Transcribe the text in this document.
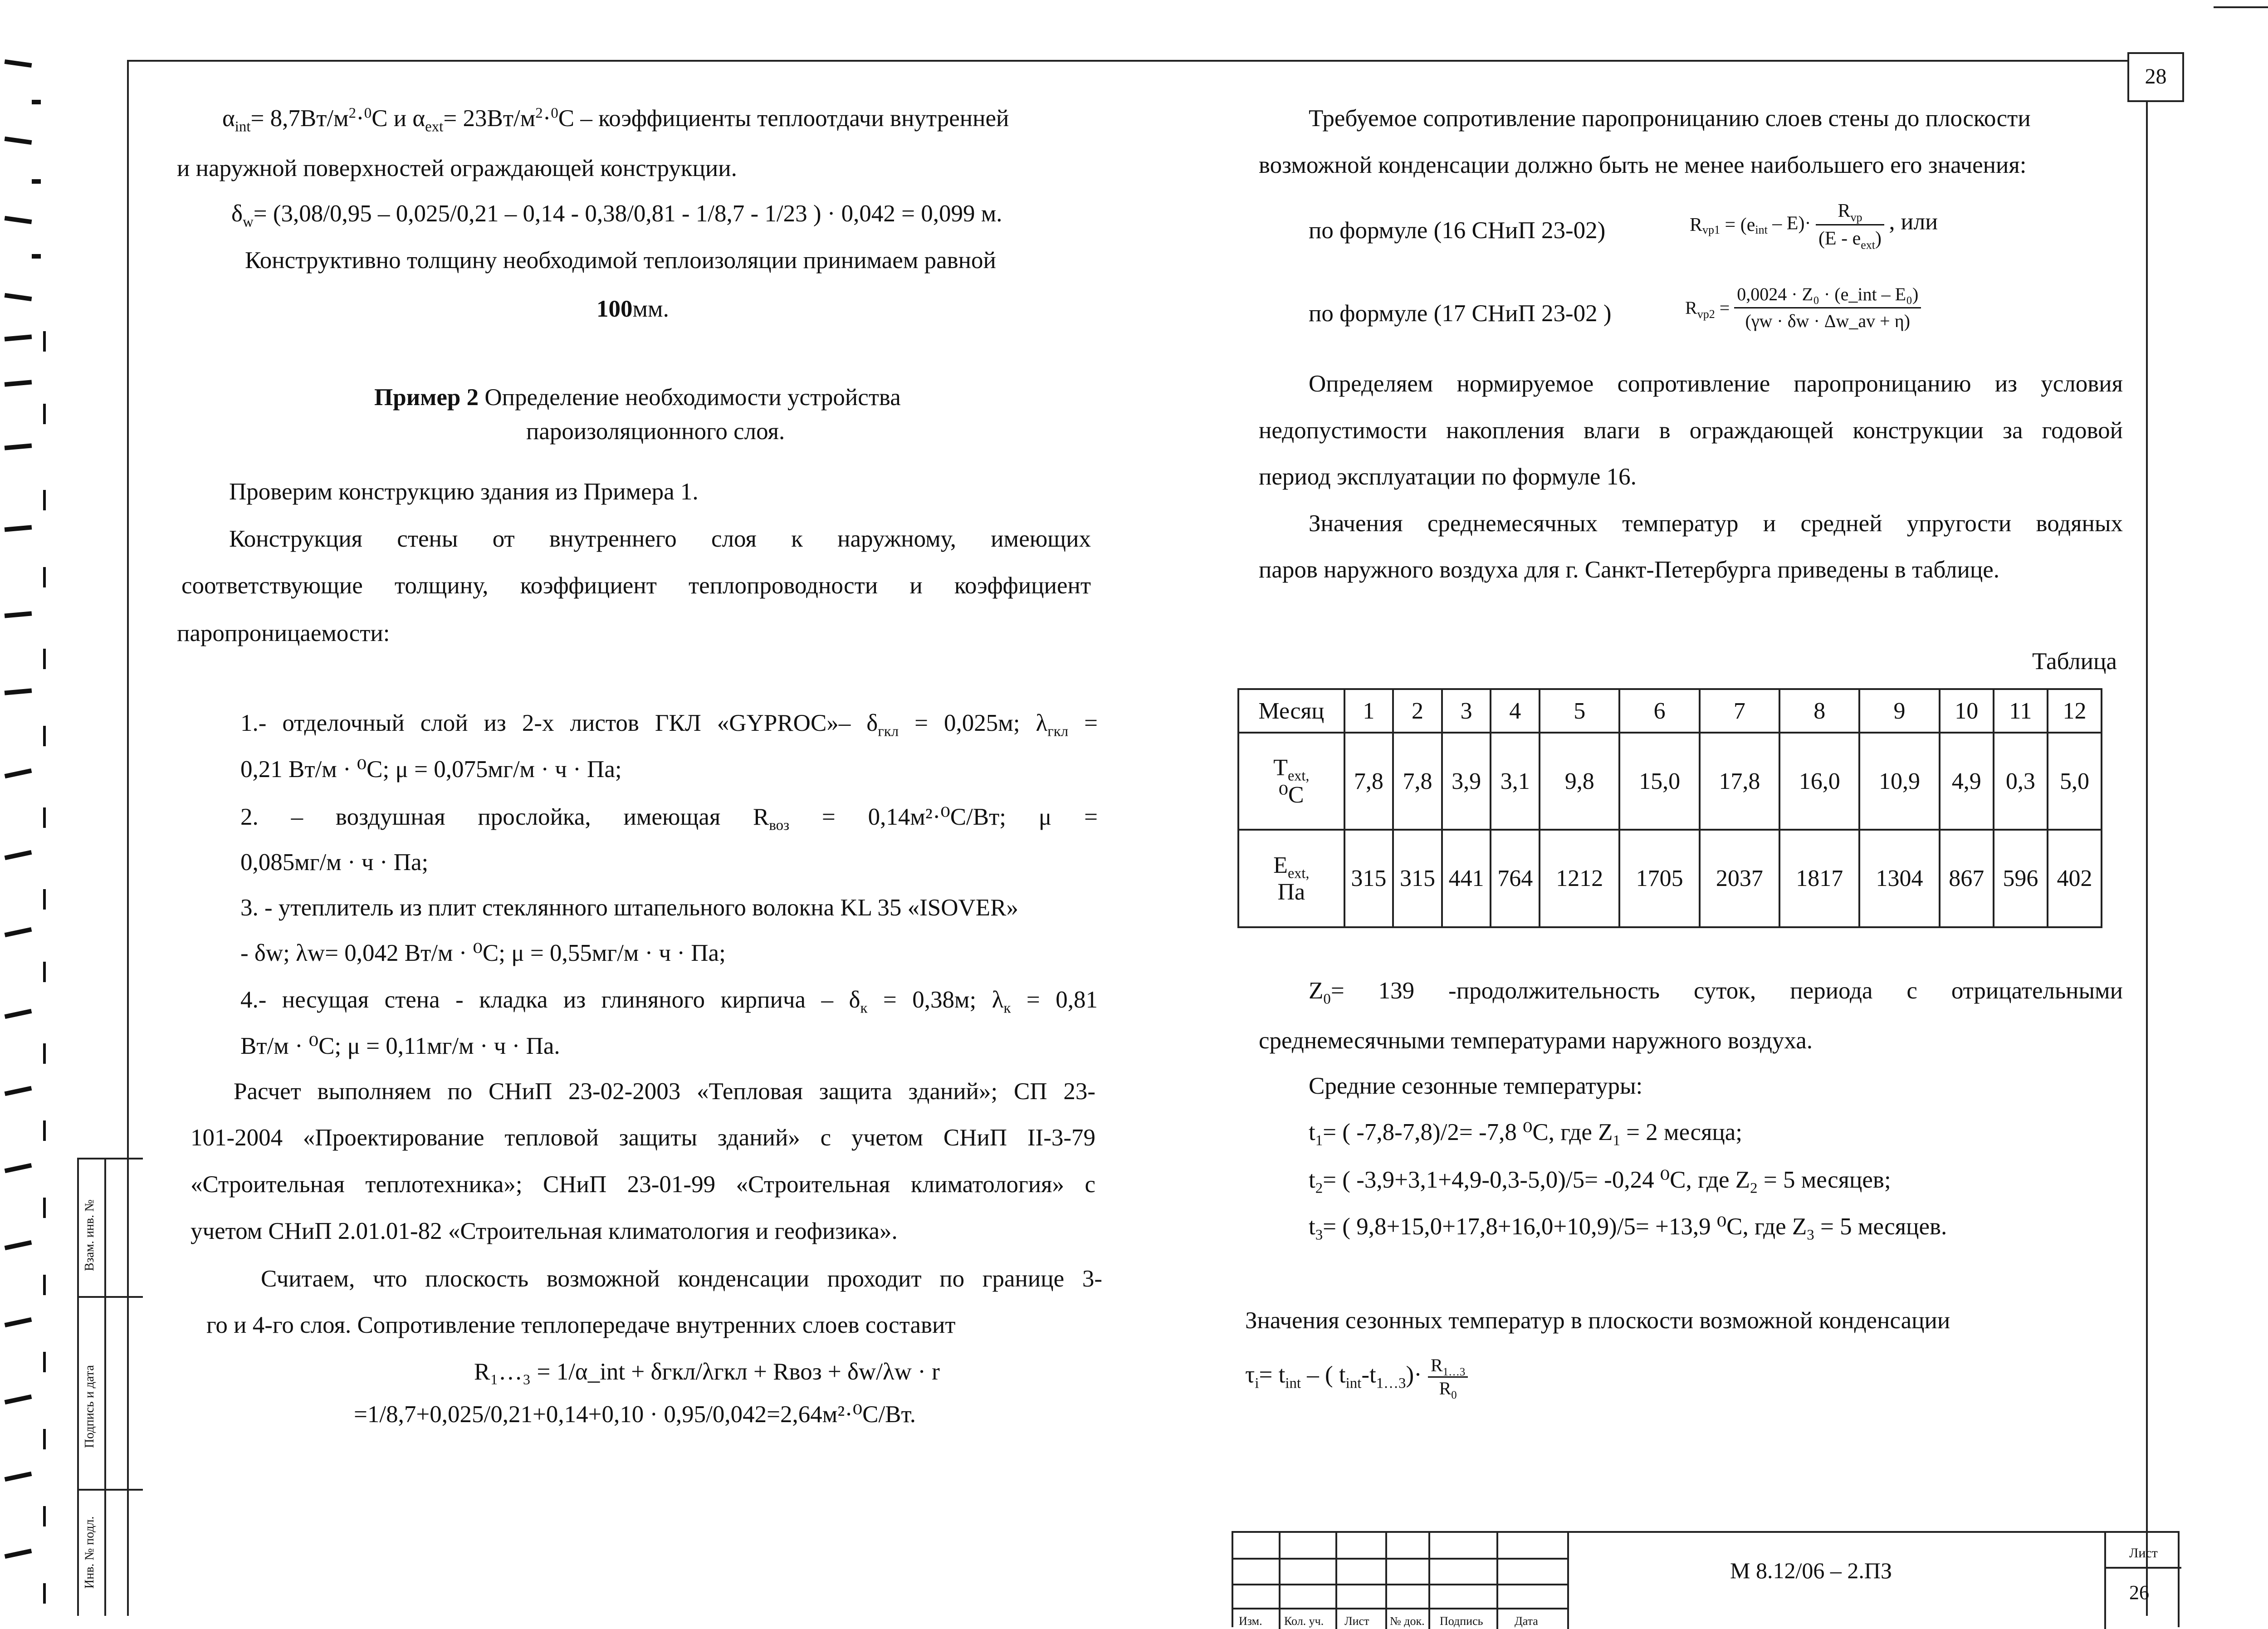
28
$\alpha_{int}= 8,7Вт/м^2\cdot^0С$ и $\alpha_{ext}= 23Вт/м^2\cdot^0С$ – коэффициенты теплоотдачи внутренней
и наружной поверхностей ограждающей конструкции.
$\delta_w= (3,08/0,95 - 0,025/0,21 - 0,14 - 0,38/0,81 - 1/8,7 - 1/23$ ) · 0,042 = 0,099 м.
Конструктивно толщину необходимой теплоизоляции принимаем равной
100мм.
Пример 2 Определение необходимости устройства
пароизоляционного слоя.
Проверим конструкцию здания из Примера 1.
Конструкция стены от внутреннего слоя к наружному, имеющих
соответствующие толщину, коэффициент теплопроводности и коэффициент
паропроницаемости:
1.- отделочный слой из 2-х листов ГКЛ «GYPROC»– $\delta_{гкл} = 0,025м$; $\lambda_{гкл}$ =
0,21 Вт/м · ⁰С; μ = 0,075мг/м · ч · Па;
2. – воздушная прослойка, имеющая $R_{воз} = 0,14м^2\cdot^0С/Вт$; μ =
0,085мг/м · ч · Па;
3. - утеплитель из плит стеклянного штапельного волокна KL 35 «ISOVER»
- δw; λw= 0,042 Вт/м · ⁰С; μ = 0,55мг/м · ч · Па;
4.- несущая стена - кладка из глиняного кирпича – $\delta_к = 0,38м$; $\lambda_к = 0,81$
Вт/м · ⁰С; μ = 0,11мг/м · ч · Па.
Расчет выполняем по СНиП 23-02-2003 «Тепловая защита зданий»; СП 23-
101-2004 «Проектирование тепловой защиты зданий» с учетом СНиП II-3-79
«Строительная теплотехника»; СНиП 23-01-99 «Строительная климатология» с
учетом СНиП 2.01.01-82 «Строительная климатология и геофизика».
Считаем, что плоскость возможной конденсации проходит по границе 3-
го и 4-го слоя. Сопротивление теплопередаче внутренних слоев составит
R₁…₃ = 1/α_int + δгкл/λгкл + Rвоз + δw/λw · r
=1/8,7+0,025/0,21+0,14+0,10 · 0,95/0,042=2,64м²·⁰С/Вт.
Требуемое сопротивление паропроницанию слоев стены до плоскости
возможной конденсации должно быть не менее наибольшего его значения:
по формуле (16 СНиП 23-02)	$R_{vp1} = (e_{int} - E)\cdot \frac{R_{vp}}{(E - e_{ext})}$ , или
по формуле (17 СНиП 23-02 )	$R_{vp2} = \frac{\text{0,0024 · Z₀ · (e\_int – E₀)}}{(\gamma w \cdot \delta w \cdot \Delta w\_av + \eta)}$
Определяем нормируемое сопротивление паропроницанию из условия
недопустимости накопления влаги в ограждающей конструкции за годовой
период эксплуатации по формуле 16.
Значения среднемесячных температур и средней упругости водяных
паров наружного воздуха для г. Санкт-Петербурга приведены в таблице.
Таблица
Месяц	1	2	3	4	5	6	7	8	9	10	11	12
$T_{ext,}$
⁰С	7,8	7,8	3,9	3,1	9,8	15,0	17,8	16,0	10,9	4,9	0,3	5,0
$E_{ext,}$
Па	315	315	441	764	1212	1705	2037	1817	1304	867	596	402
$Z_0= 139$ -продолжительность суток, периода с отрицательными
среднемесячными температурами наружного воздуха.
Средние сезонные температуры:
$t_1=$ ( -7,8-7,8)/2= -7,8 ⁰С, где $Z_1 = 2$ месяца;
$t_2=$ ( -3,9+3,1+4,9-0,3-5,0)/5= -0,24 ⁰С, где $Z_2 = 5$ месяцев;
$t_3=$ ( 9,8+15,0+17,8+16,0+10,9)/5= +13,9 ⁰С, где $Z_3 = 5$ месяцев.
Значения сезонных температур в плоскости возможной конденсации
$\tau_i= t_{int}$ – ( $t_{int}-t_{1\dots 3})\cdot \frac{R_{1\dots 3}}{R_0}$
Взам. инв. №
Подпись и дата
Инв. № подл.
Изм. Кол. уч. Лист № док. Подпись	Дата
М 8.12/06 – 2.ПЗ
Лист
26
